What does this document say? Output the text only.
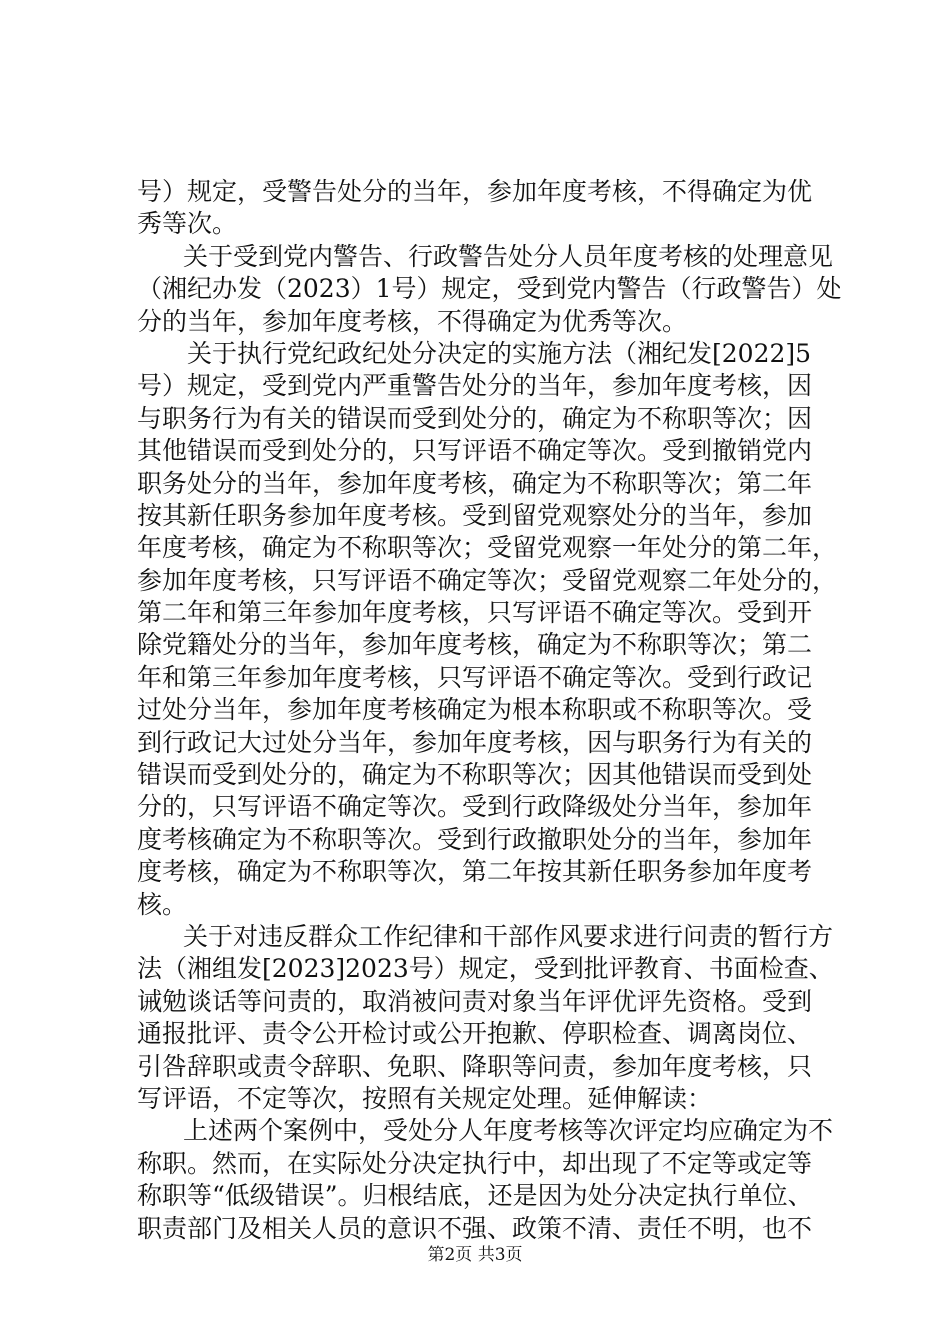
号）规定，受警告处分的当年，参加年度考核，不得确定为优
秀等次。
关于受到党内警告、行政警告处分人员年度考核的处理意见
（湘纪办发（2023）1号）规定，受到党内警告（行政警告）处
分的当年，参加年度考核，不得确定为优秀等次。
关于执行党纪政纪处分决定的实施方法（湘纪发[2022]5
号）规定，受到党内严重警告处分的当年，参加年度考核，因
与职务行为有关的错误而受到处分的，确定为不称职等次；因
其他错误而受到处分的，只写评语不确定等次。受到撤销党内
职务处分的当年，参加年度考核，确定为不称职等次；第二年
按其新任职务参加年度考核。受到留党观察处分的当年，参加
年度考核，确定为不称职等次；受留党观察一年处分的第二年，
参加年度考核，只写评语不确定等次；受留党观察二年处分的，
第二年和第三年参加年度考核，只写评语不确定等次。受到开
除党籍处分的当年，参加年度考核，确定为不称职等次；第二
年和第三年参加年度考核，只写评语不确定等次。受到行政记
过处分当年，参加年度考核确定为根本称职或不称职等次。受
到行政记大过处分当年，参加年度考核，因与职务行为有关的
错误而受到处分的，确定为不称职等次；因其他错误而受到处
分的，只写评语不确定等次。受到行政降级处分当年，参加年
度考核确定为不称职等次。受到行政撤职处分的当年，参加年
度考核，确定为不称职等次，第二年按其新任职务参加年度考
核。
关于对违反群众工作纪律和干部作风要求进行问责的暂行方
法（湘组发[2023]2023号）规定，受到批评教育、书面检查、
诫勉谈话等问责的，取消被问责对象当年评优评先资格。受到
通报批评、责令公开检讨或公开抱歉、停职检查、调离岗位、
引咎辞职或责令辞职、免职、降职等问责，参加年度考核，只
写评语，不定等次，按照有关规定处理。延伸解读：
上述两个案例中，受处分人年度考核等次评定均应确定为不
称职。然而，在实际处分决定执行中，却出现了不定等或定等
称职等“低级错误”。归根结底，还是因为处分决定执行单位、
职责部门及相关人员的意识不强、政策不清、责任不明，也不
第2页 共3页
